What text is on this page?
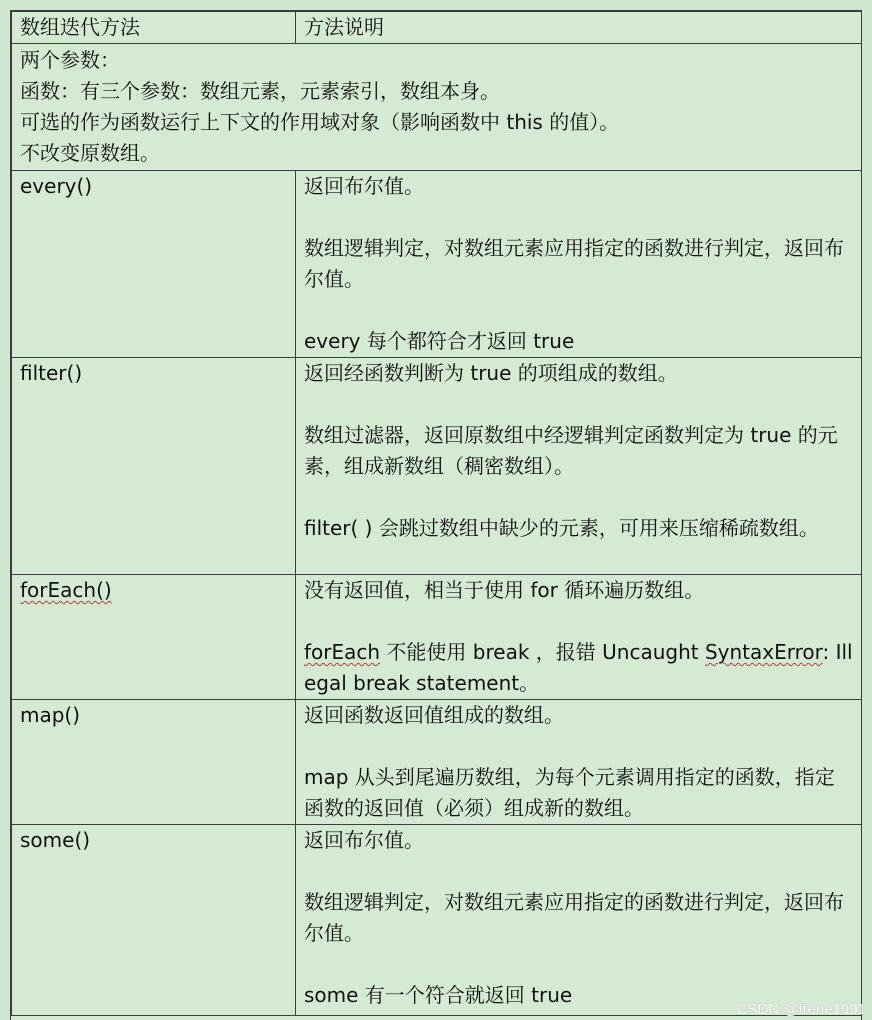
数组迭代方法	方法说明

两个参数：
函数：有三个参数：数组元素，元素索引，数组本身。
可选的作为函数运行上下文的作用域对象（影响函数中 this 的值）。
不改变原数组。	

every()	返回布尔值。
数组逻辑判定，对数组元素应用指定的函数进行判定，返回布尔值。
every 每个都符合才返回 true

filter()	返回经函数判断为 true 的项组成的数组。
数组过滤器，返回原数组中经逻辑判定函数判定为 true 的元素，组成新数组（稠密数组）。
filter( ) 会跳过数组中缺少的元素，可用来压缩稀疏数组。

forEach()	没有返回值，相当于使用 for 循环遍历数组。
forEach 不能使用 break ，报错 Uncaught SyntaxError: Illegal break statement。

map()	返回函数返回值组成的数组。
map 从头到尾遍历数组，为每个元素调用指定的函数，指定函数的返回值（必须）组成新的数组。

some()	返回布尔值。
数组逻辑判定，对数组元素应用指定的函数进行判定，返回布尔值。
some 有一个符合就返回 true
CSDN @Irene1991
